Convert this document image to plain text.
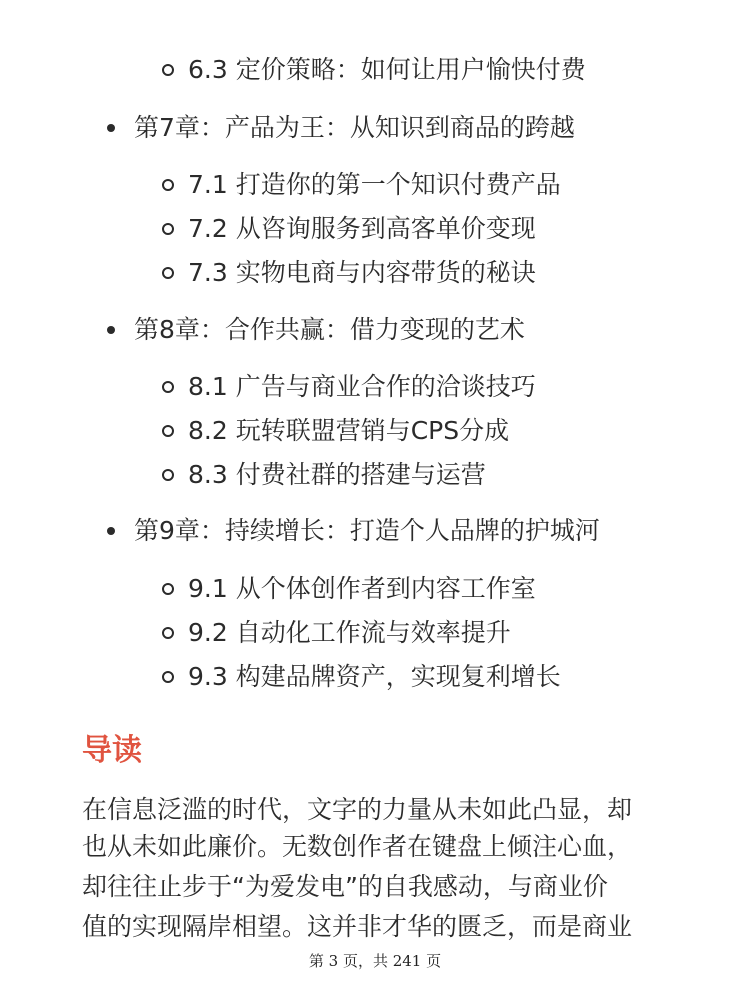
6.3 定价策略：如何让用户愉快付费
第7章：产品为王：从知识到商品的跨越
7.1 打造你的第一个知识付费产品
7.2 从咨询服务到高客单价变现
7.3 实物电商与内容带货的秘诀
第8章：合作共赢：借力变现的艺术
8.1 广告与商业合作的洽谈技巧
8.2 玩转联盟营销与CPS分成
8.3 付费社群的搭建与运营
第9章：持续增长：打造个人品牌的护城河
9.1 从个体创作者到内容工作室
9.2 自动化工作流与效率提升
9.3 构建品牌资产，实现复利增长
导读
在信息泛滥的时代，文字的力量从未如此凸显，却
也从未如此廉价。无数创作者在键盘上倾注心血，
却往往止步于“为爱发电”的自我感动，与商业价
值的实现隔岸相望。这并非才华的匮乏，而是商业
第 3 页，共 241 页
